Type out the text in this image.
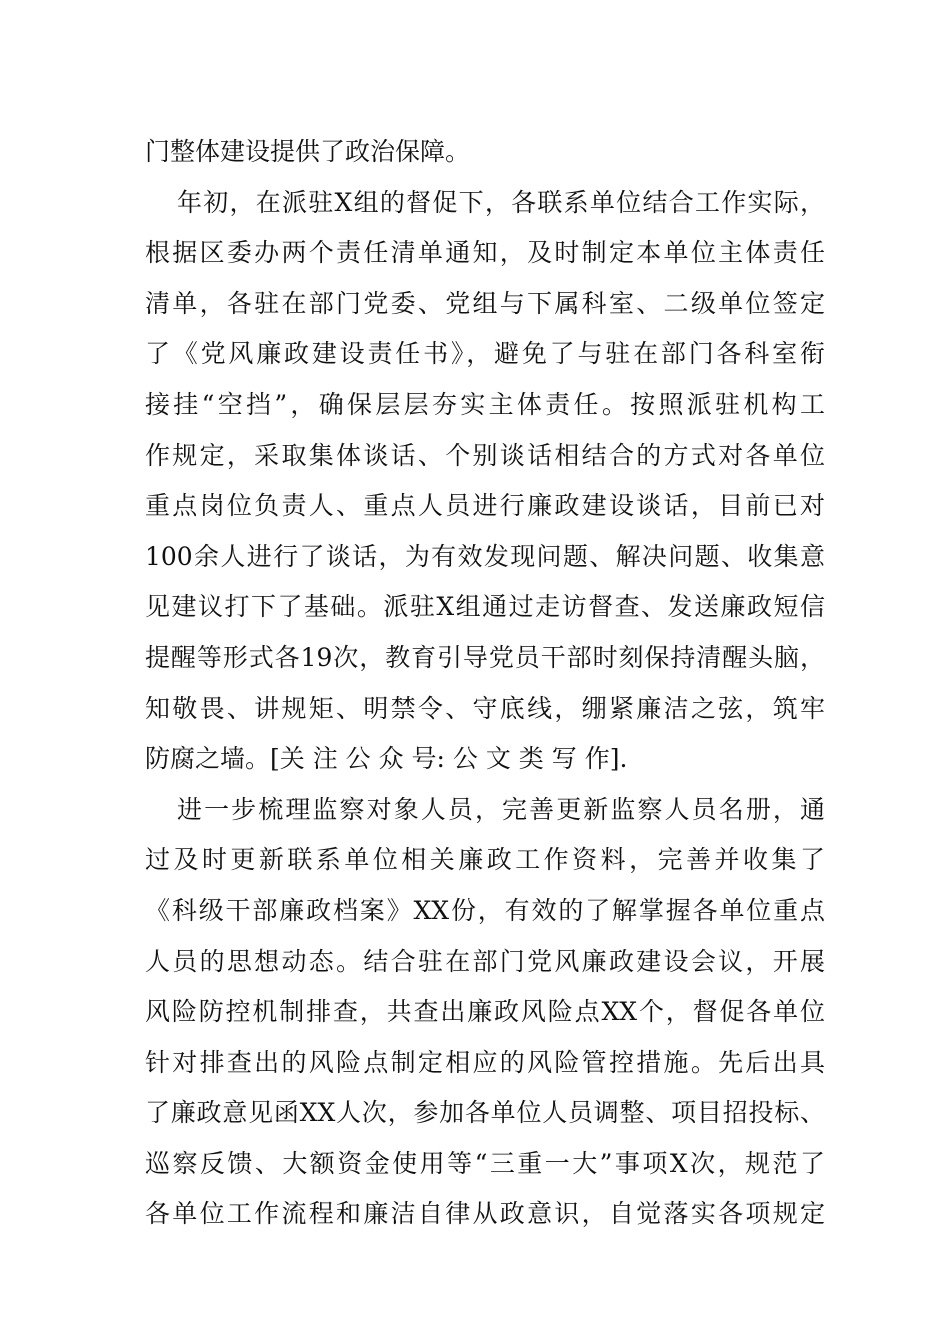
门整体建设提供了政治保障。
年初，在派驻X组的督促下，各联系单位结合工作实际，
根据区委办两个责任清单通知，及时制定本单位主体责任
清单，各驻在部门党委、党组与下属科室、二级单位签定
了《党风廉政建设责任书》，避免了与驻在部门各科室衔
接挂“空挡”，确保层层夯实主体责任。按照派驻机构工
作规定，采取集体谈话、个别谈话相结合的方式对各单位
重点岗位负责人、重点人员进行廉政建设谈话，目前已对
100余人进行了谈话，为有效发现问题、解决问题、收集意
见建议打下了基础。派驻X组通过走访督查、发送廉政短信
提醒等形式各19次，教育引导党员干部时刻保持清醒头脑，
知敬畏、讲规矩、明禁令、守底线，绷紧廉洁之弦，筑牢
防腐之墙。[关 注 公 众 号: 公 文 类 写 作].
进一步梳理监察对象人员，完善更新监察人员名册，通
过及时更新联系单位相关廉政工作资料，完善并收集了
《科级干部廉政档案》XX份，有效的了解掌握各单位重点
人员的思想动态。结合驻在部门党风廉政建设会议，开展
风险防控机制排查，共查出廉政风险点XX个，督促各单位
针对排查出的风险点制定相应的风险管控措施。先后出具
了廉政意见函XX人次，参加各单位人员调整、项目招投标、
巡察反馈、大额资金使用等“三重一大”事项X次，规范了
各单位工作流程和廉洁自律从政意识，自觉落实各项规定
